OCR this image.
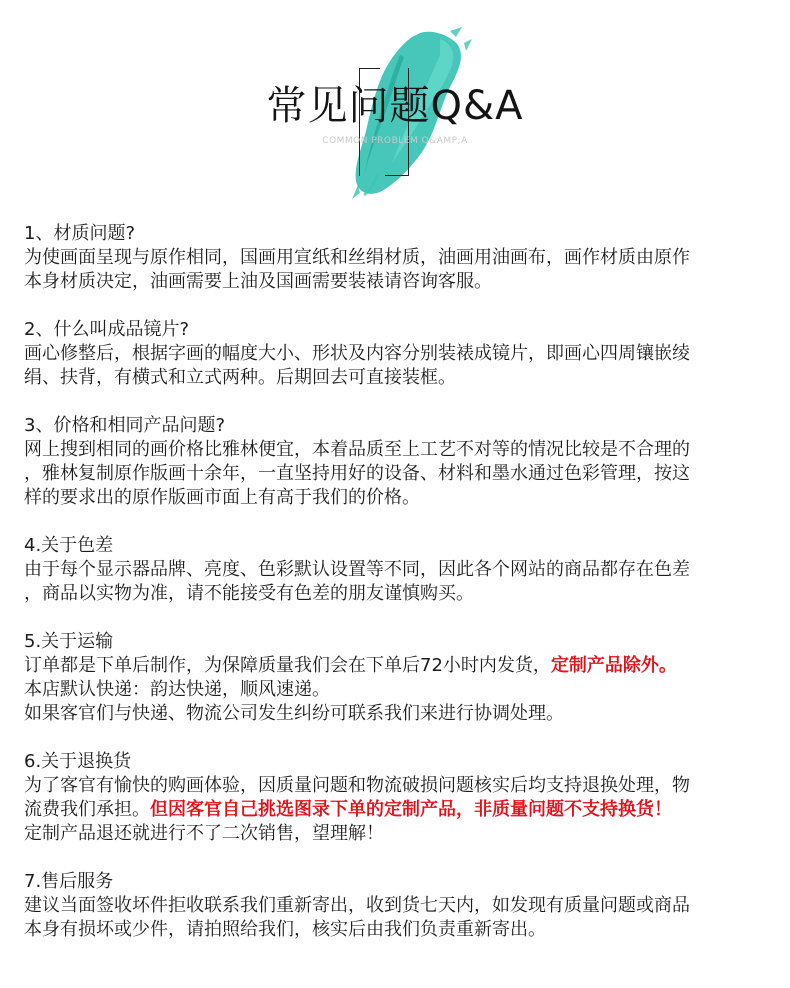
常见问题Q&A
COMMON PROBLEM Q&AMP;A
1、材质问题?
为使画面呈现与原作相同，国画用宣纸和丝绢材质，油画用油画布，画作材质由原作
本身材质决定，油画需要上油及国画需要装裱请咨询客服。
2、什么叫成品镜片?
画心修整后，根据字画的幅度大小、形状及内容分别装裱成镜片，即画心四周镶嵌绫
绢、扶背，有横式和立式两种。后期回去可直接装框。
3、价格和相同产品问题?
网上搜到相同的画价格比雅林便宜，本着品质至上工艺不对等的情况比较是不合理的
，雅林复制原作版画十余年，一直坚持用好的设备、材料和墨水通过色彩管理，按这
样的要求出的原作版画市面上有高于我们的价格。
4.关于色差
由于每个显示器品牌、亮度、色彩默认设置等不同，因此各个网站的商品都存在色差
，商品以实物为准，请不能接受有色差的朋友谨慎购买。
5.关于运输
订单都是下单后制作，为保障质量我们会在下单后72小时内发货，定制产品除外。
本店默认快递：韵达快递，顺风速递。
如果客官们与快递、物流公司发生纠纷可联系我们来进行协调处理。
6.关于退换货
为了客官有愉快的购画体验，因质量问题和物流破损问题核实后均支持退换处理，物
流费我们承担。但因客官自己挑选图录下单的定制产品，非质量问题不支持换货！
定制产品退还就进行不了二次销售，望理解！
7.售后服务
建议当面签收坏件拒收联系我们重新寄出，收到货七天内，如发现有质量问题或商品
本身有损坏或少件，请拍照给我们，核实后由我们负责重新寄出。
